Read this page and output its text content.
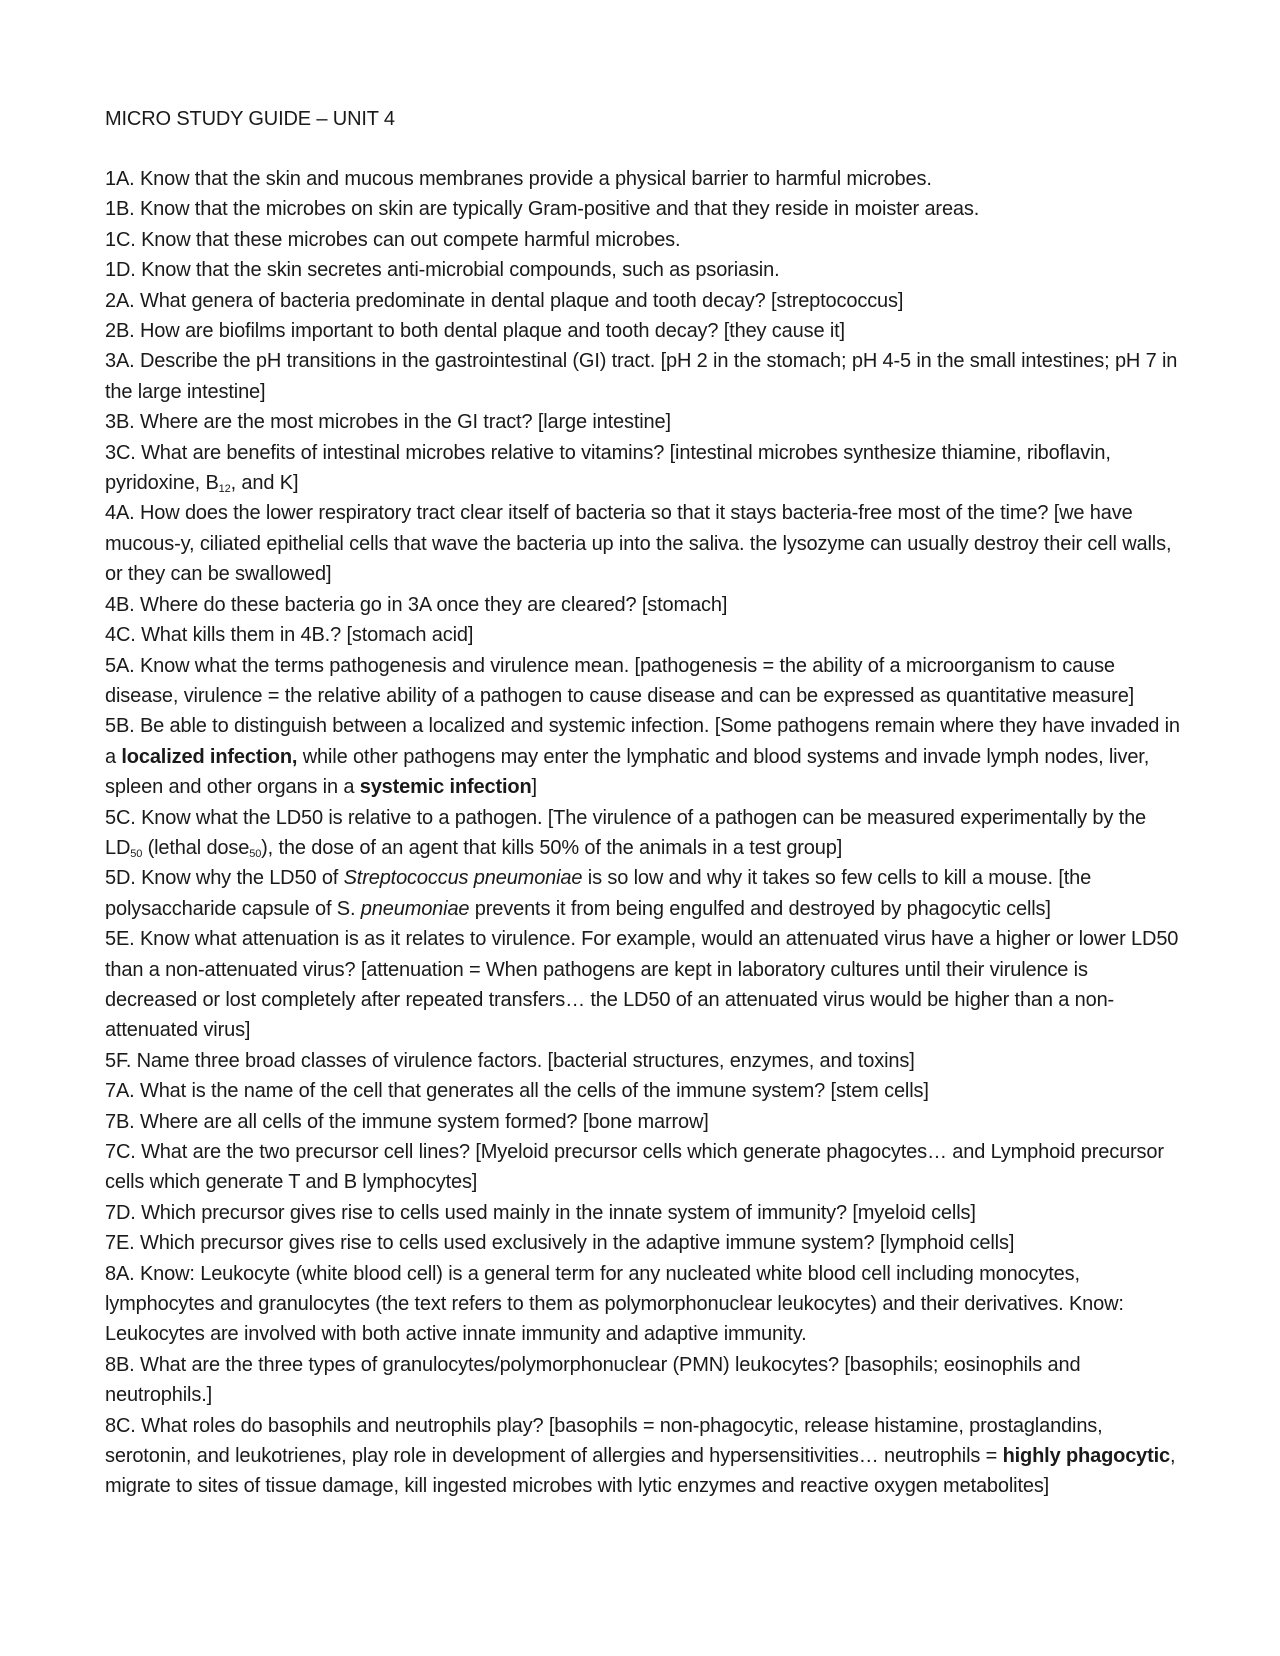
MICRO STUDY GUIDE – UNIT 4

1A. Know that the skin and mucous membranes provide a physical barrier to harmful microbes.

1B. Know that the microbes on skin are typically Gram-positive and that they reside in moister areas.

1C. Know that these microbes can out compete harmful microbes.

1D. Know that the skin secretes anti-microbial compounds, such as psoriasin.

2A. What genera of bacteria predominate in dental plaque and tooth decay? [streptococcus]

2B. How are biofilms important to both dental plaque and tooth decay? [they cause it]

3A. Describe the pH transitions in the gastrointestinal (GI) tract. [pH 2 in the stomach; pH 4-5 in the small intestines; pH 7 in the large intestine]

3B. Where are the most microbes in the GI tract? [large intestine]

3C. What are benefits of intestinal microbes relative to vitamins? [intestinal microbes synthesize thiamine, riboflavin, pyridoxine, $B_{12}$, and K]

4A. How does the lower respiratory tract clear itself of bacteria so that it stays bacteria-free most of the time? [we have mucous-y, ciliated epithelial cells that wave the bacteria up into the saliva. the lysozyme can usually destroy their cell walls, or they can be swallowed]

4B. Where do these bacteria go in 3A once they are cleared? [stomach]

4C. What kills them in 4B.? [stomach acid]

5A. Know what the terms pathogenesis and virulence mean. [pathogenesis = the ability of a microorganism to cause disease, virulence = the relative ability of a pathogen to cause disease and can be expressed as quantitative measure]

5B. Be able to distinguish between a localized and systemic infection. [Some pathogens remain where they have invaded in a localized infection, while other pathogens may enter the lymphatic and blood systems and invade lymph nodes, liver, spleen and other organs in a systemic infection]

5C. Know what the LD50 is relative to a pathogen. [The virulence of a pathogen can be measured experimentally by the $LD_{50}$ (lethal dose$_{50}$), the dose of an agent that kills 50% of the animals in a test group]

5D. Know why the LD50 of Streptococcus pneumoniae is so low and why it takes so few cells to kill a mouse. [the polysaccharide capsule of S. pneumoniae prevents it from being engulfed and destroyed by phagocytic cells]

5E. Know what attenuation is as it relates to virulence. For example, would an attenuated virus have a higher or lower LD50 than a non-attenuated virus? [attenuation = When pathogens are kept in laboratory cultures until their virulence is decreased or lost completely after repeated transfers… the LD50 of an attenuated virus would be higher than a non-attenuated virus]

5F. Name three broad classes of virulence factors. [bacterial structures, enzymes, and toxins]

7A. What is the name of the cell that generates all the cells of the immune system? [stem cells]

7B. Where are all cells of the immune system formed? [bone marrow]

7C. What are the two precursor cell lines? [Myeloid precursor cells which generate phagocytes… and Lymphoid precursor cells which generate T and B lymphocytes]

7D. Which precursor gives rise to cells used mainly in the innate system of immunity? [myeloid cells]

7E. Which precursor gives rise to cells used exclusively in the adaptive immune system? [lymphoid cells]

8A. Know: Leukocyte (white blood cell) is a general term for any nucleated white blood cell including monocytes, lymphocytes and granulocytes (the text refers to them as polymorphonuclear leukocytes) and their derivatives. Know: Leukocytes are involved with both active innate immunity and adaptive immunity.

8B. What are the three types of granulocytes/polymorphonuclear (PMN) leukocytes? [basophils; eosinophils and neutrophils.]

8C. What roles do basophils and neutrophils play? [basophils = non-phagocytic, release histamine, prostaglandins, serotonin, and leukotrienes, play role in development of allergies and hypersensitivities… neutrophils = highly phagocytic, migrate to sites of tissue damage, kill ingested microbes with lytic enzymes and reactive oxygen metabolites]
